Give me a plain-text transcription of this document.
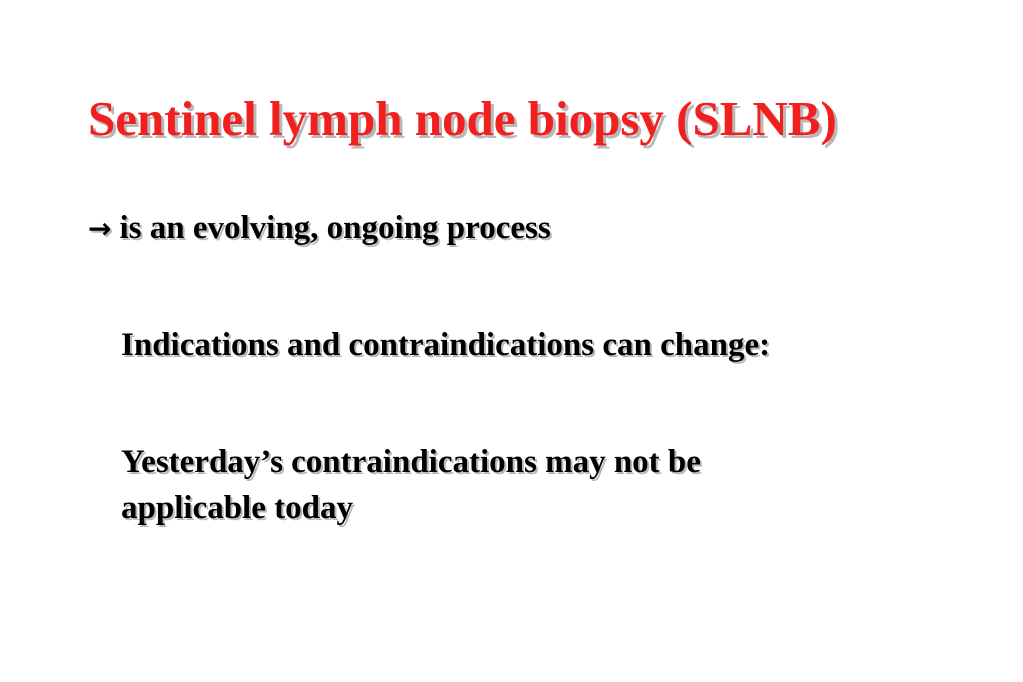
Sentinel lymph node biopsy (SLNB)
→ is an evolving, ongoing process
Indications and contraindications can change:
Yesterday’s contraindications may not be
applicable today
